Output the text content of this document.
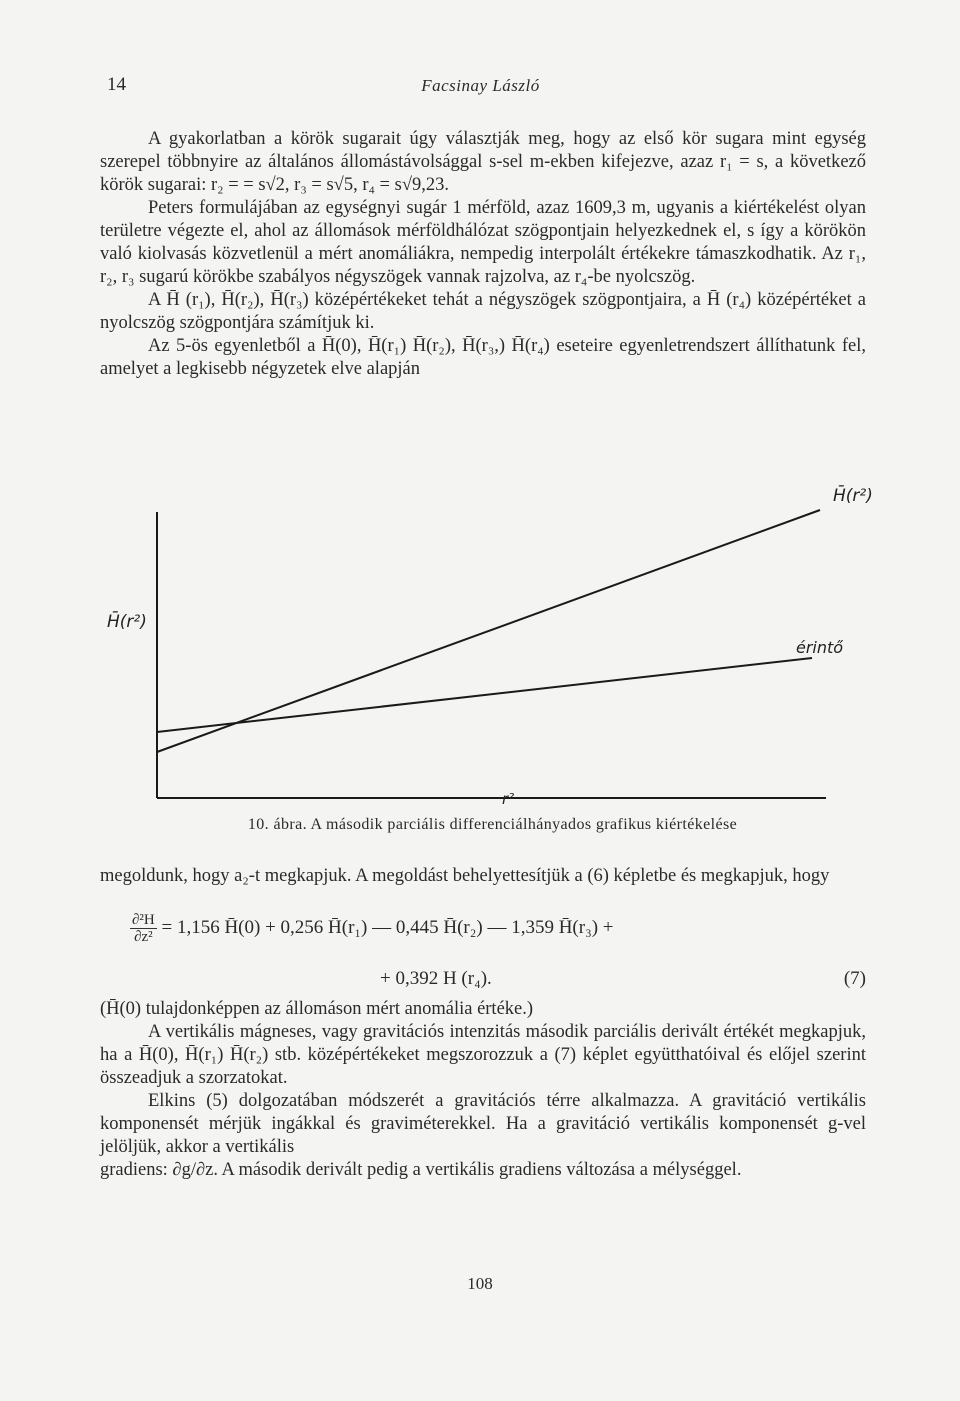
14	Facsinay László

A gyakorlatban a körök sugarait úgy választják meg, hogy az első kör sugara mint egység szerepel többnyire az általános állomástávolsággal s-sel m-ekben kifejezve, azaz r₁ = s, a következő körök sugarai: r₂ = = s√2, r₃ = s√5, r₄ = s√9,23.

Peters formulájában az egységnyi sugár 1 mérföld, azaz 1609,3 m, ugyanis a kiértékelést olyan területre végezte el, ahol az állomások mérföldhálózat szögpontjain helyezkednek el, s így a körökön való kiolvasás közvetlenül a mért anomáliákra, nempedig interpolált értékekre támaszkodhatik. Az r₁, r₂, r₃ sugarú körökbe szabályos négyszögek vannak rajzolva, az r₄-be nyolcszög.

A H̄ (r₁), H̄(r₂), H̄(r₃) középértékeket tehát a négyszögek szögpontjaira, a H̄ (r₄) középértéket a nyolcszög szögpontjára számítjuk ki.

Az 5-ös egyenletből a H̄(0), H̄(r₁) H̄(r₂), H̄(r₃,) H̄(r₄) eseteire egyenletrendszert állíthatunk fel, amelyet a legkisebb négyzetek elve alapján

H̄(r²)
H̄(r²)
érintő
r²
10. ábra. A második parciális differenciálhányados grafikus kiértékelése

megoldunk, hogy a₂-t megkapjuk. A megoldást behelyettesítjük a (6) képletbe és megkapjuk, hogy

$\frac{\text{∂²H}}{\text{∂z²}} = 1,156$ H̄(0) + 0,256 H̄(r₁) — 0,445 H̄(r₂) — 1,359 H̄(r₃) +
+ 0,392 H (r₄).	(7)

(H̄(0) tulajdonképpen az állomáson mért anomália értéke.)

A vertikális mágneses, vagy gravitációs intenzitás második parciális derivált értékét megkapjuk, ha a H̄(0), H̄(r₁) H̄(r₂) stb. középértékeket megszorozzuk a (7) képlet együtthatóival és előjel szerint összeadjuk a szorzatokat.

Elkins (5) dolgozatában módszerét a gravitációs térre alkalmazza. A gravitáció vertikális komponensét mérjük ingákkal és graviméterekkel. Ha a gravitáció vertikális komponensét g-vel jelöljük, akkor a vertikális

gradiens: ∂g/∂z. A második derivált pedig a vertikális gradiens változása a mélységgel.

108
